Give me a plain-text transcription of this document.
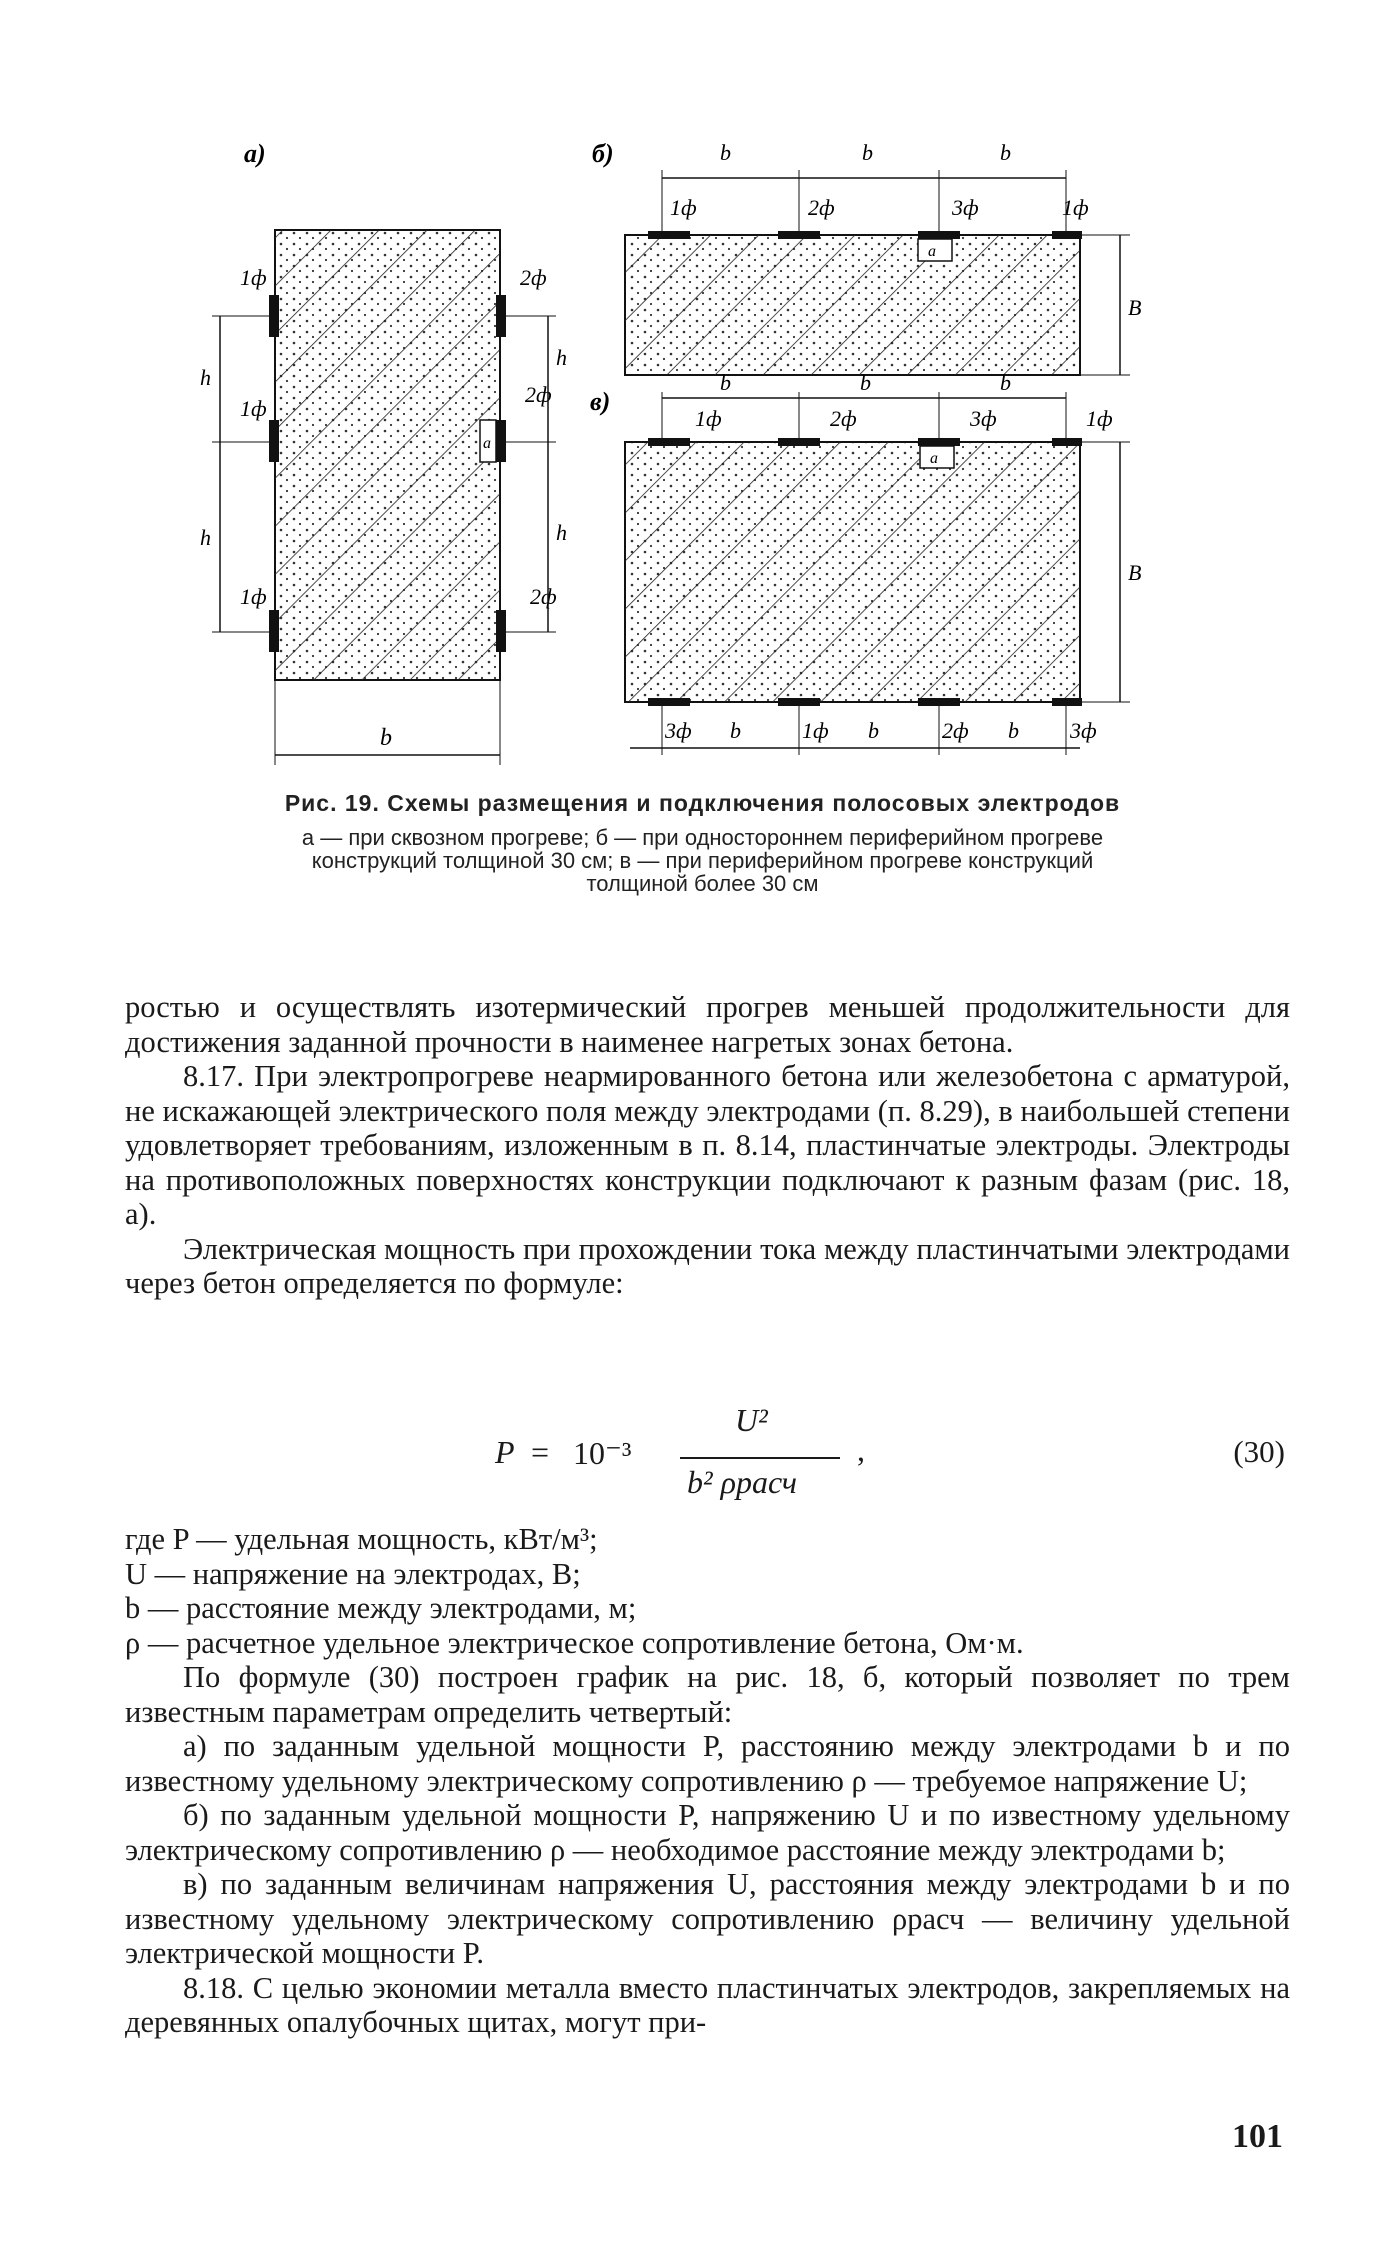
а)
a
1ф
1ф
1ф
2ф
2ф
2ф
h
h
h
h
b
б)
a
1ф	2ф	3ф	1ф
b	b	b
B
в)
b	b	b
a
1ф	2ф	3ф	1ф
3ф b	1ф b	2ф b 3ф
B
Рис. 19. Схемы размещения и подключения полосовых электродов
а — при сквозном прогреве; б — при одностороннем периферийном прогреве
конструкций толщиной 30 см; в — при периферийном прогреве конструкций
толщиной более 30 см

ростью и осуществлять изотермический прогрев меньшей продолжительности для достижения заданной прочности в наименее нагретых зонах бетона.

8.17. При электропрогреве неармированного бетона или железобетона с арматурой, не искажающей электрического поля между электродами (п. 8.29), в наибольшей степени удовлетворяет требованиям, изложенным в п. 8.14, пластинчатые электроды. Электроды на противоположных поверхностях конструкции подключают к разным фазам (рис. 18, а).

Электрическая мощность при прохождении тока между пластинчатыми электродами через бетон определяется по формуле:

P = 10⁻³
U²
b² ρрасч
,	(30)

где P — удельная мощность, кВт/м³;

U — напряжение на электродах, В;

b — расстояние между электродами, м;

ρ — расчетное удельное электрическое сопротивление бетона, Ом·м.

По формуле (30) построен график на рис. 18, б, который позволяет по трем известным параметрам определить четвертый:

а) по заданным удельной мощности P, расстоянию между электродами b и по известному удельному электрическому сопротивлению ρ — требуемое напряжение U;

б) по заданным удельной мощности P, напряжению U и по известному удельному электрическому сопротивлению ρ — необходимое расстояние между электродами b;

в) по заданным величинам напряжения U, расстояния между электродами b и по известному удельному электрическому сопротивлению ρрасч — величину удельной электрической мощности P.

8.18. С целью экономии металла вместо пластинчатых электродов, закрепляемых на деревянных опалубочных щитах, могут при-

101
